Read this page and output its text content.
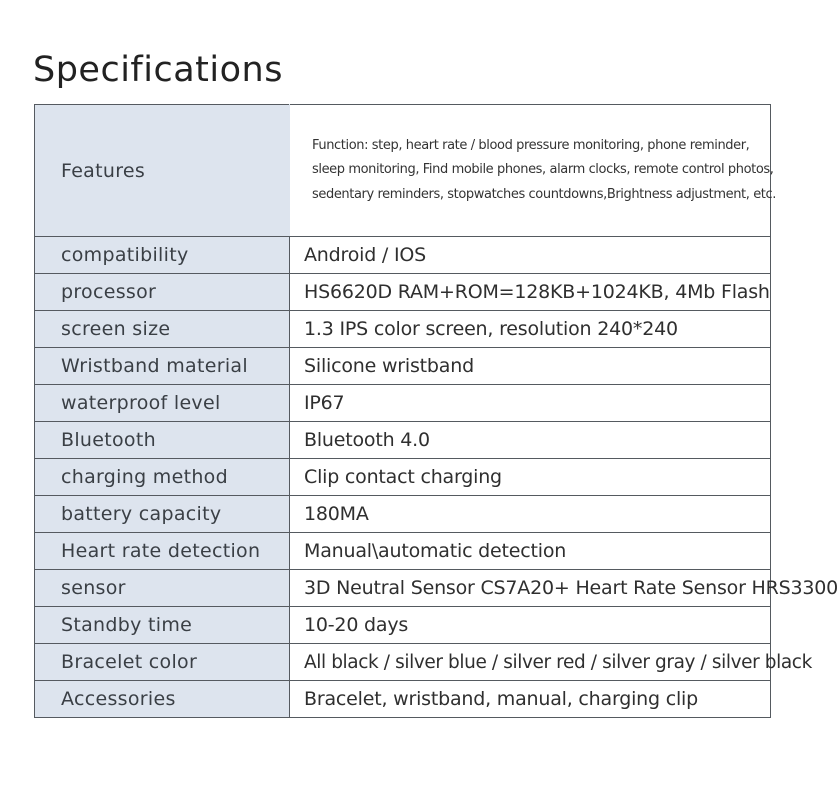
Specifications
Features	Function: step, heart rate / blood pressure monitoring, phone reminder,
sleep monitoring, Find mobile phones, alarm clocks, remote control photos,
sedentary reminders, stopwatches countdowns,Brightness adjustment, etc.

compatibility	Android / IOS
processor	HS6620D RAM+ROM=128KB+1024KB, 4Mb Flash
screen size	1.3 IPS color screen, resolution 240*240
Wristband material	Silicone wristband
waterproof level	IP67
Bluetooth	Bluetooth 4.0
charging method	Clip contact charging
battery capacity	180MA
Heart rate detection	Manual\automatic detection
sensor	3D Neutral Sensor CS7A20+ Heart Rate Sensor HRS3300
Standby time	10-20 days
Bracelet color	All black / silver blue / silver red / silver gray / silver black
Accessories	Bracelet, wristband, manual, charging clip
